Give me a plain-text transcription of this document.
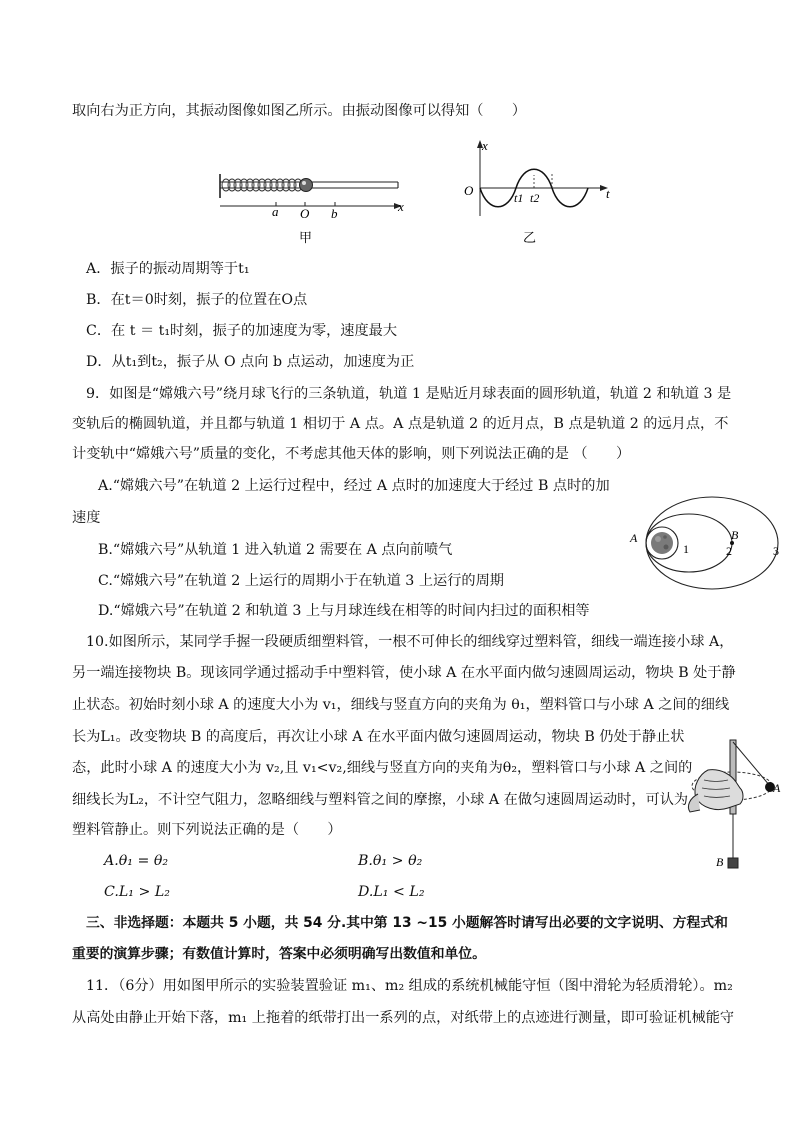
取向右为正方向，其振动图像如图乙所示。由振动图像可以得知（　　）
a O b	x
甲
x
O	t
t1 t2
乙
A．振子的振动周期等于t₁
B．在t＝0时刻，振子的位置在O点
C．在 t ＝ t₁时刻，振子的加速度为零，速度最大
D．从t₁到t₂，振子从 O 点向 b 点运动，加速度为正
9．如图是“嫦娥六号”绕月球飞行的三条轨道，轨道 1 是贴近月球表面的圆形轨道，轨道 2 和轨道 3 是
变轨后的椭圆轨道，并且都与轨道 1 相切于 A 点。A 点是轨道 2 的近月点，B 点是轨道 2 的远月点，不
计变轨中“嫦娥六号”质量的变化，不考虑其他天体的影响，则下列说法正确的是 （　　）
A.“嫦娥六号”在轨道 2 上运行过程中，经过 A 点时的加速度大于经过 B 点时的加
速度
B.“嫦娥六号”从轨道 1 进入轨道 2 需要在 A 点向前喷气
C.“嫦娥六号”在轨道 2 上运行的周期小于在轨道 3 上运行的周期
D.“嫦娥六号”在轨道 2 和轨道 3 上与月球连线在相等的时间内扫过的面积相等
A	B
1	2	3
10.如图所示，某同学手握一段硬质细塑料管，一根不可伸长的细线穿过塑料管，细线一端连接小球 A，
另一端连接物块 B。现该同学通过摇动手中塑料管，使小球 A 在水平面内做匀速圆周运动，物块 B 处于静
止状态。初始时刻小球 A 的速度大小为 v₁，细线与竖直方向的夹角为 θ₁，塑料管口与小球 A 之间的细线
长为L₁。改变物块 B 的高度后，再次让小球 A 在水平面内做匀速圆周运动，物块 B 仍处于静止状
态，此时小球 A 的速度大小为 v₂,且 v₁<v₂,细线与竖直方向的夹角为θ₂，塑料管口与小球 A 之间的
细线长为L₂，不计空气阻力，忽略细线与塑料管之间的摩擦，小球 A 在做匀速圆周运动时，可认为
塑料管静止。则下列说法正确的是（　　）
A.θ₁ = θ₂	B.θ₁ > θ₂
C.L₁ > L₂	D.L₁ < L₂
A
B
三、非选择题：本题共 5 小题，共 54 分.其中第 13 ~15 小题解答时请写出必要的文字说明、方程式和
重要的演算步骤；有数值计算时，答案中必须明确写出数值和单位。
11．（6分）用如图甲所示的实验装置验证 m₁、m₂ 组成的系统机械能守恒（图中滑轮为轻质滑轮）。m₂
从高处由静止开始下落，m₁ 上拖着的纸带打出一系列的点，对纸带上的点迹进行测量，即可验证机械能守
